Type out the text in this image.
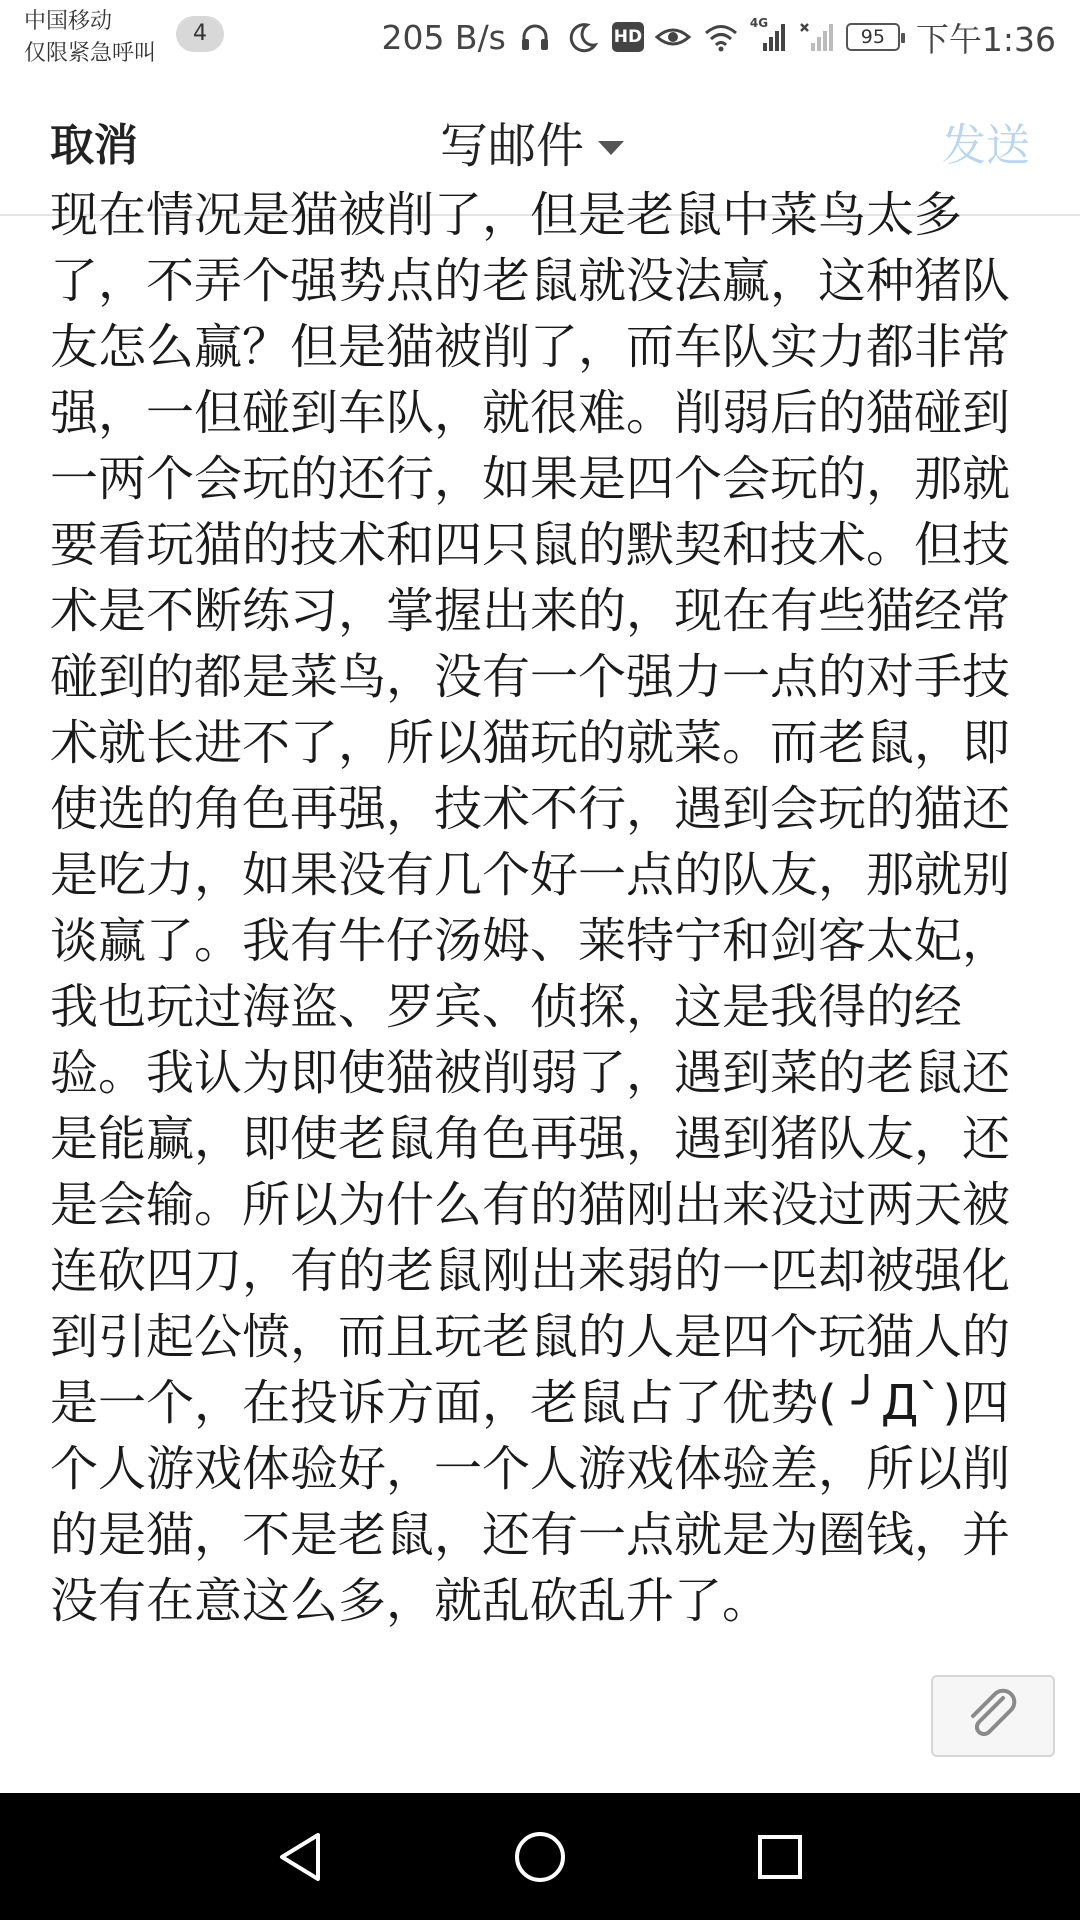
中国移动
仅限紧急呼叫
4	205 B/s	HD
4G
95 下午1:36
取消	写邮件	发送
现在情况是猫被削了，但是老鼠中菜鸟太多了，不弄个强势点的老鼠就没法赢，这种猪队友怎么赢？但是猫被削了，而车队实力都非常强，一但碰到车队，就很难。削弱后的猫碰到一两个会玩的还行，如果是四个会玩的，那就要看玩猫的技术和四只鼠的默契和技术。但技术是不断练习，掌握出来的，现在有些猫经常碰到的都是菜鸟，没有一个强力一点的对手技术就长进不了，所以猫玩的就菜。而老鼠，即使选的角色再强，技术不行，遇到会玩的猫还是吃力，如果没有几个好一点的队友，那就别谈赢了。我有牛仔汤姆、莱特宁和剑客太妃，我也玩过海盗、罗宾、侦探，这是我得的经验。我认为即使猫被削弱了，遇到菜的老鼠还是能赢，即使老鼠角色再强，遇到猪队友，还是会输。所以为什么有的猫刚出来没过两天被连砍四刀，有的老鼠刚出来弱的一匹却被强化到引起公愤，而且玩老鼠的人是四个玩猫人的是一个，在投诉方面，老鼠占了优势( ╯Д`)四个人游戏体验好，一个人游戏体验差，所以削的是猫，不是老鼠，还有一点就是为圈钱，并没有在意这么多，就乱砍乱升了。
